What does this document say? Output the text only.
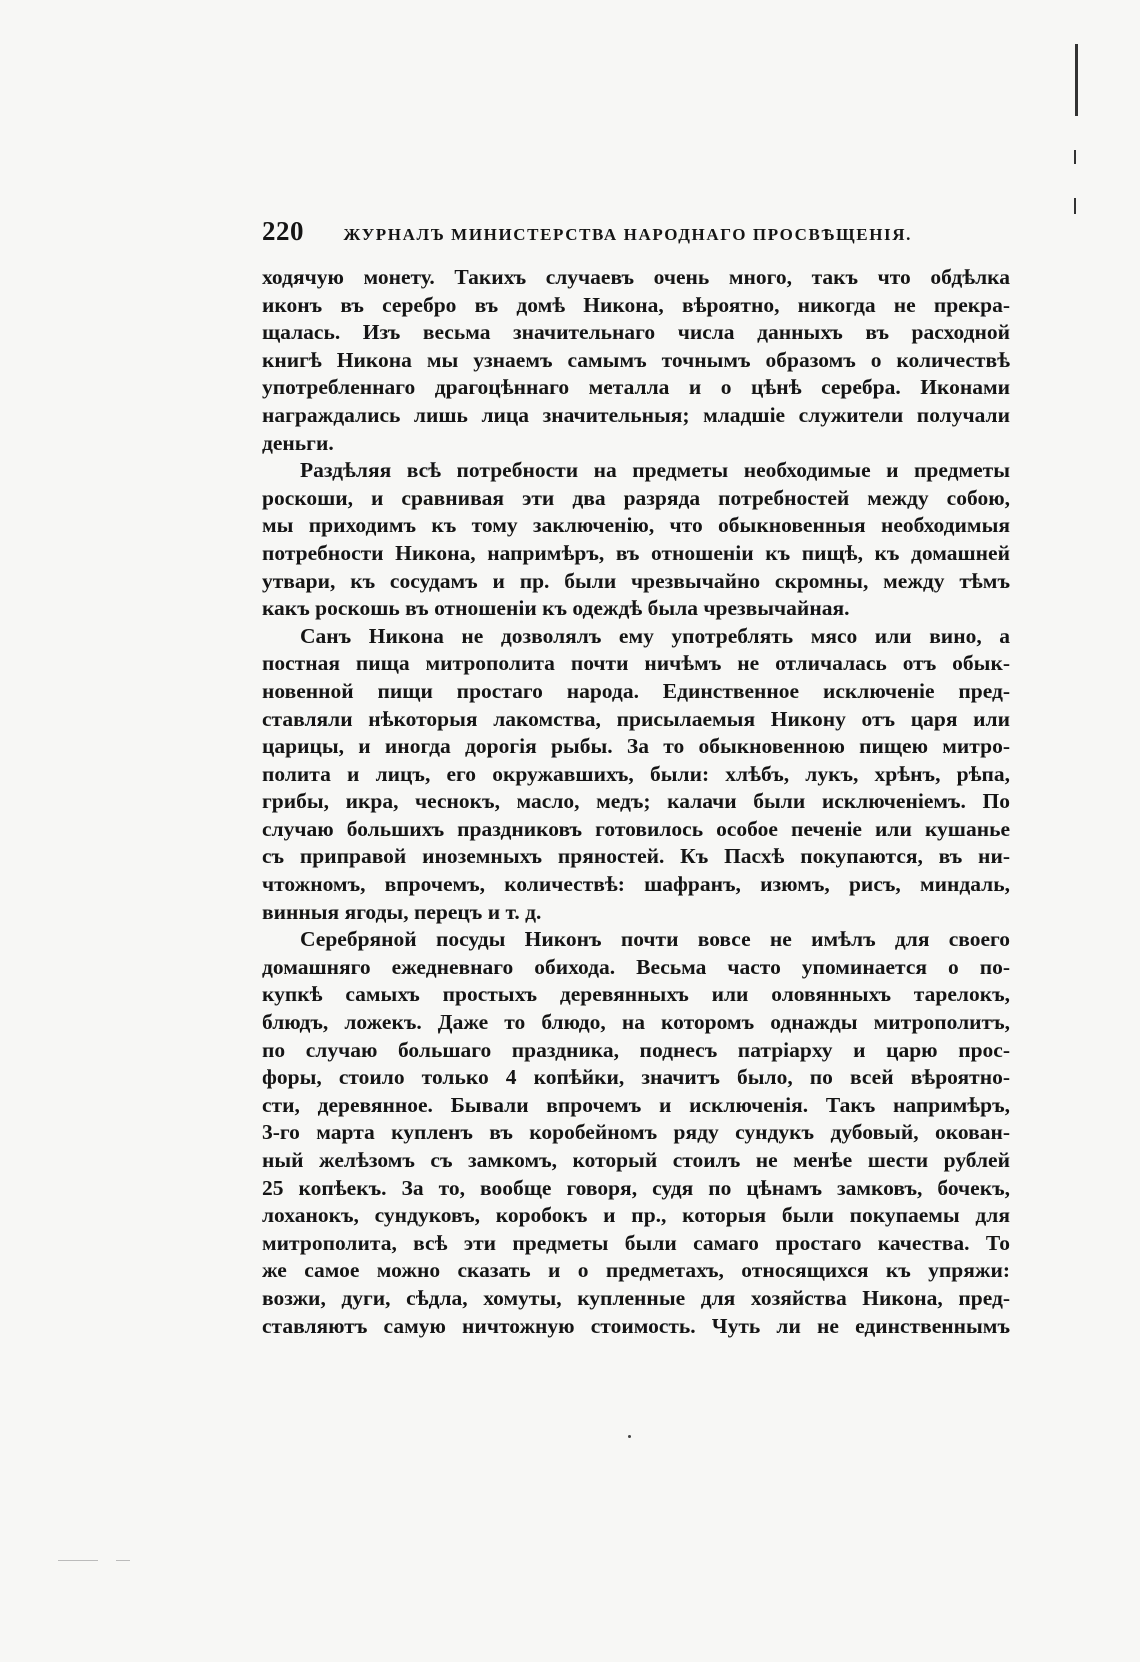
220	ЖУРНАЛЪ МИНИСТЕРСТВА НАРОДНАГО ПРОСВѢЩЕНІЯ.

ходячую монету. Такихъ случаевъ очень много, такъ что обдѣлка
иконъ въ серебро въ домѣ Никона, вѣроятно, никогда не прекра-
щалась. Изъ весьма значительнаго числа данныхъ въ расходной
книгѣ Никона мы узнаемъ самымъ точнымъ образомъ о количествѣ
употребленнаго драгоцѣннаго металла и о цѣнѣ серебра. Иконами
награждались лишь лица значительныя; младшіе служители получали
деньги.

Раздѣляя всѣ потребности на предметы необходимые и предметы
роскоши, и сравнивая эти два разряда потребностей между собою,
мы приходимъ къ тому заключенію, что обыкновенныя необходимыя
потребности Никона, напримѣръ, въ отношеніи къ пищѣ, къ домашней
утвари, къ сосудамъ и пр. были чрезвычайно скромны, между тѣмъ
какъ роскошь въ отношеніи къ одеждѣ была чрезвычайная.

Санъ Никона не дозволялъ ему употреблять мясо или вино, а
постная пища митрополита почти ничѣмъ не отличалась отъ обык-
новенной пищи простаго народа. Единственное исключеніе пред-
ставляли нѣкоторыя лакомства, присылаемыя Никону отъ царя или
царицы, и иногда дорогія рыбы. За то обыкновенною пищею митро-
полита и лицъ, его окружавшихъ, были: хлѣбъ, лукъ, хрѣнъ, рѣпа,
грибы, икра, чеснокъ, масло, медъ; калачи были исключеніемъ. По
случаю большихъ праздниковъ готовилось особое печеніе или кушанье
съ приправой иноземныхъ пряностей. Къ Пасхѣ покупаются, въ ни-
чтожномъ, впрочемъ, количествѣ: шафранъ, изюмъ, рисъ, миндаль,
винныя ягоды, перецъ и т. д.

Серебряной посуды Никонъ почти вовсе не имѣлъ для своего
домашняго ежедневнаго обихода. Весьма часто упоминается о по-
купкѣ самыхъ простыхъ деревянныхъ или оловянныхъ тарелокъ,
блюдъ, ложекъ. Даже то блюдо, на которомъ однажды митрополитъ,
по случаю большаго праздника, поднесъ патріарху и царю прос-
форы, стоило только 4 копѣйки, значитъ было, по всей вѣроятно-
сти, деревянное. Бывали впрочемъ и исключенія. Такъ напримѣръ,
3-го марта купленъ въ коробейномъ ряду сундукъ дубовый, окован-
ный желѣзомъ съ замкомъ, который стоилъ не менѣе шести рублей
25 копѣекъ. За то, вообще говоря, судя по цѣнамъ замковъ, бочекъ,
лоханокъ, сундуковъ, коробокъ и пр., которыя были покупаемы для
митрополита, всѣ эти предметы были самаго простаго качества. То
же самое можно сказать и о предметахъ, относящихся къ упряжи:
возжи, дуги, сѣдла, хомуты, купленные для хозяйства Никона, пред-
ставляютъ самую ничтожную стоимость. Чуть ли не единственнымъ
